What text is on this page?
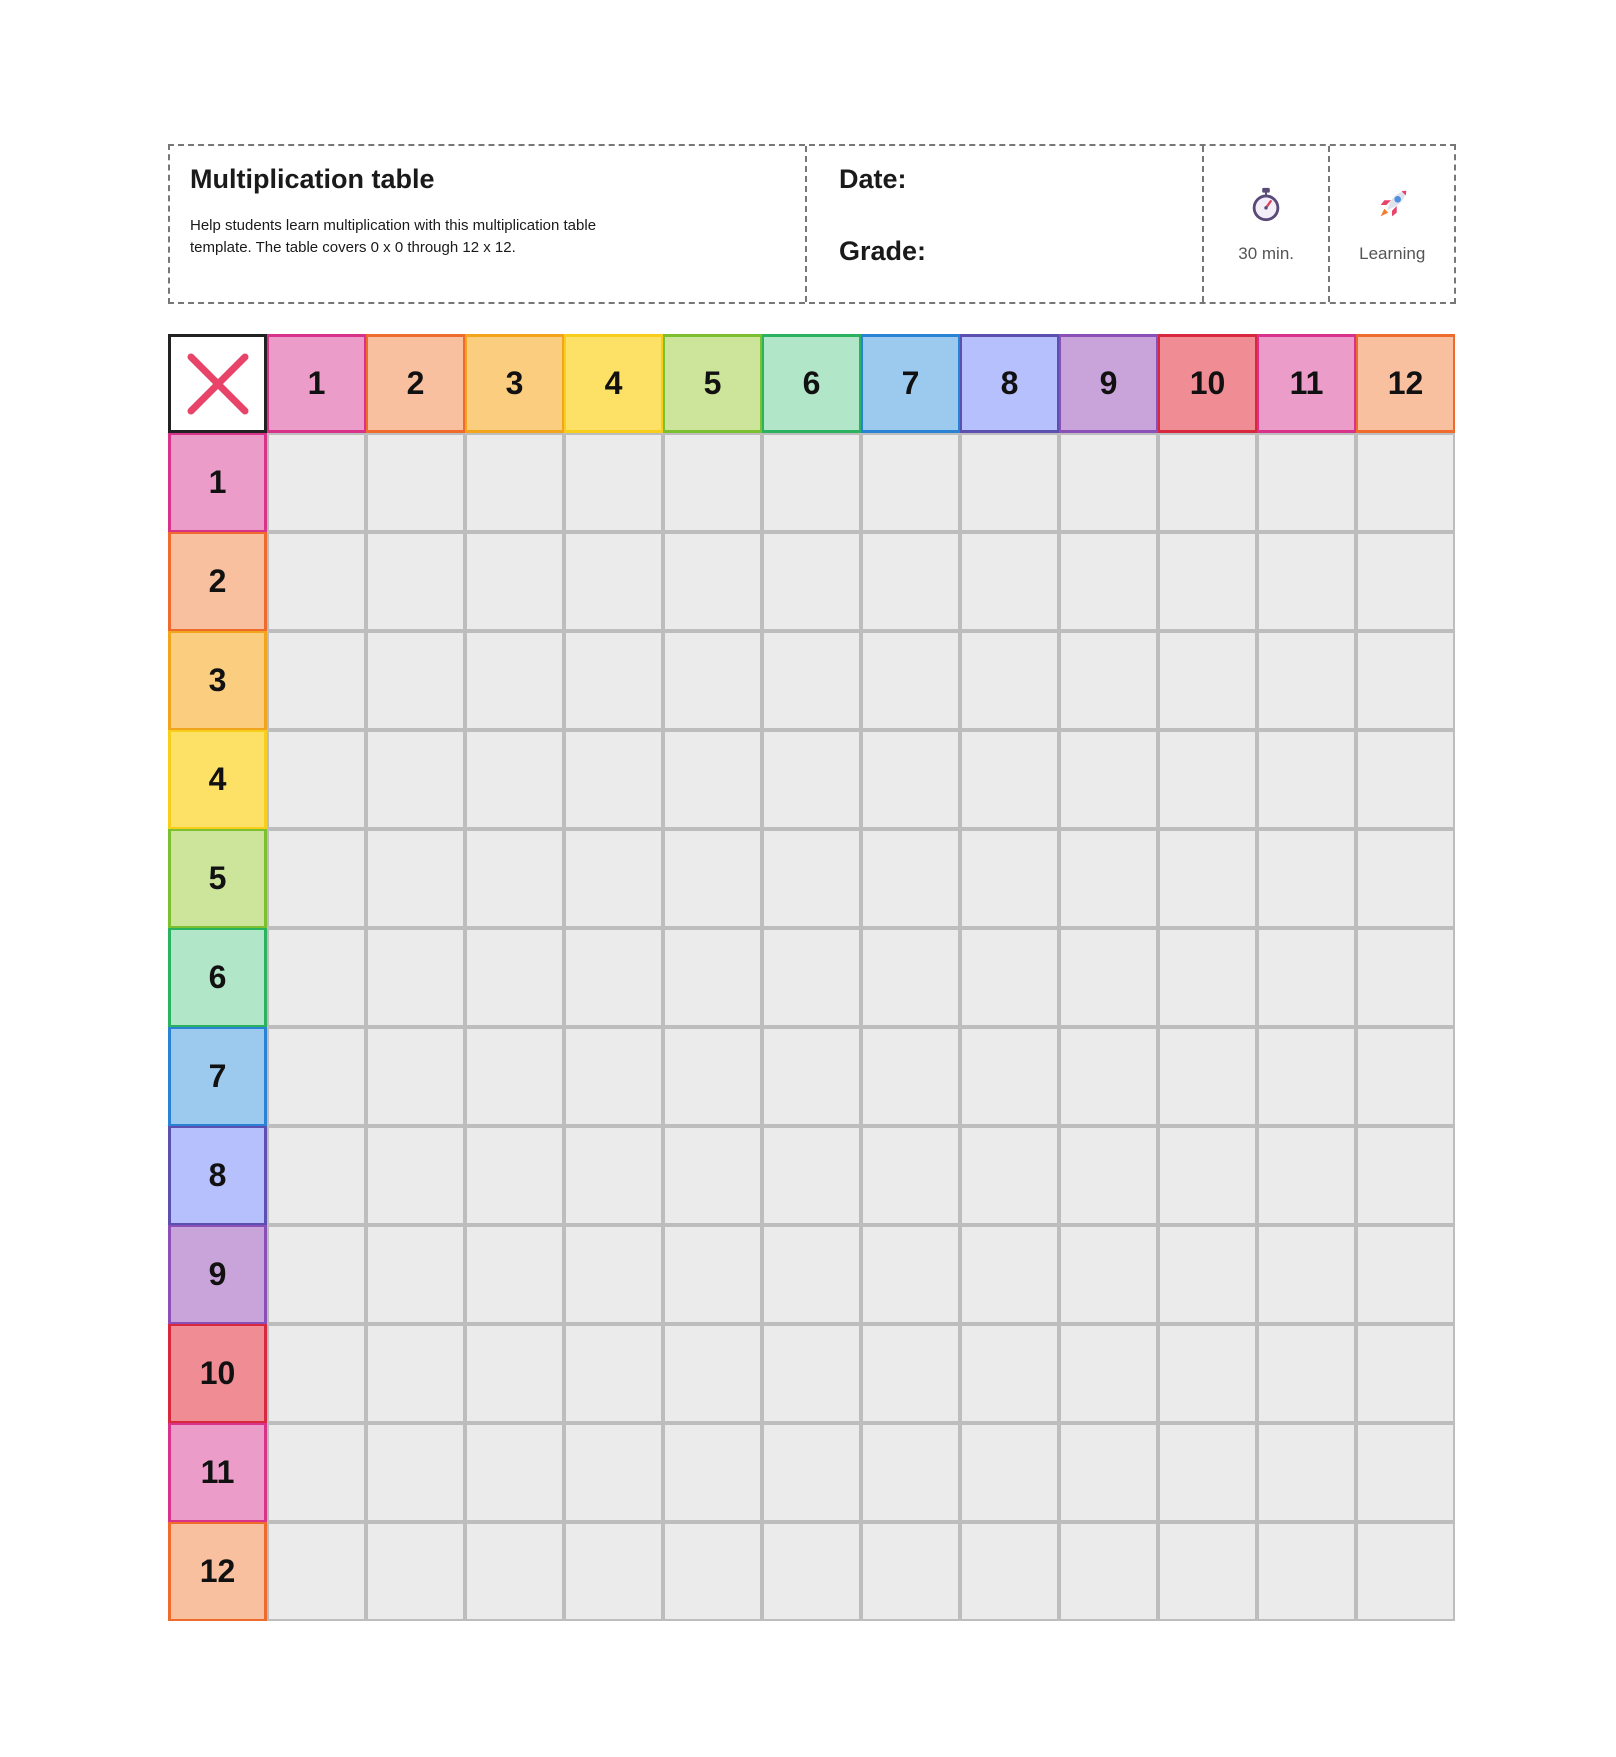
Multiplication table
Help students learn multiplication with this multiplication table template. The table covers 0 x 0 through 12 x 12.
Date:
Grade:	30 min.	Learning
1	2	3	4	5	6	7	8	9	10	11	12
1
2
3
4
5
6
7
8
9
10
11
12
